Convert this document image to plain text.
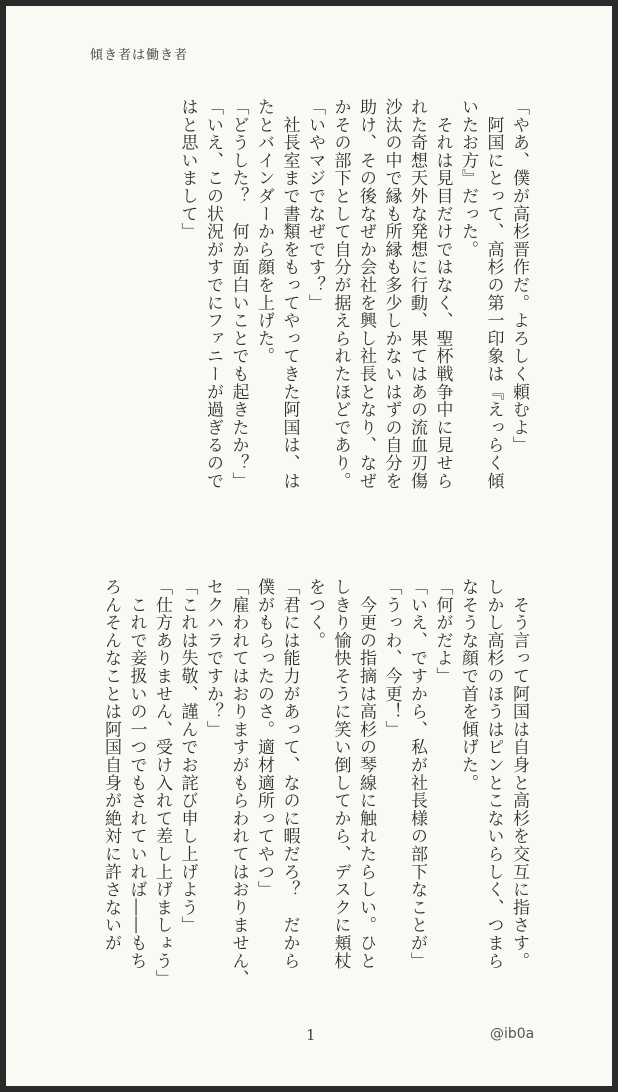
傾き者は働き者

「やあ、僕が高杉晋作だ。よろしく頼むよ」

　阿国にとって、高杉の第一印象は『えっらく傾

いたお方』だった。

　それは見目だけではなく、聖杯戦争中に見せら

れた奇想天外な発想に行動、果てはあの流血刃傷

沙汰の中で縁も所縁も多少しかないはずの自分を

助け、その後なぜか会社を興し社長となり、なぜ

かその部下として自分が据えられたほどであり。

「いやマジでなぜです？」

　社長室まで書類をもってやってきた阿国は、は

たとバインダーから顔を上げた。

「どうした？　何か面白いことでも起きたか？」

「いえ、この状況がすでにファニーが過ぎるので

はと思いまして」

　そう言って阿国は自身と高杉を交互に指さす。

しかし高杉のほうはピンとこないらしく、つまら

なそうな顔で首を傾げた。

「何がだよ」

「いえ、ですから、私が社長様の部下なことが」

「うっわ、今更！」

　今更の指摘は高杉の琴線に触れたらしい。ひと

しきり愉快そうに笑い倒してから、デスクに頬杖

をつく。

「君には能力があって、なのに暇だろ？　だから

僕がもらったのさ。適材適所ってやつ」

「雇われてはおりますがもらわれてはおりません、

セクハラですか？」

「これは失敬、謹んでお詫び申し上げよう」

「仕方ありません、受け入れて差し上げましょう」

　これで妾扱いの一つでもされていれば――もち

ろんそんなことは阿国自身が絶対に許さないが

1	@ib0a
